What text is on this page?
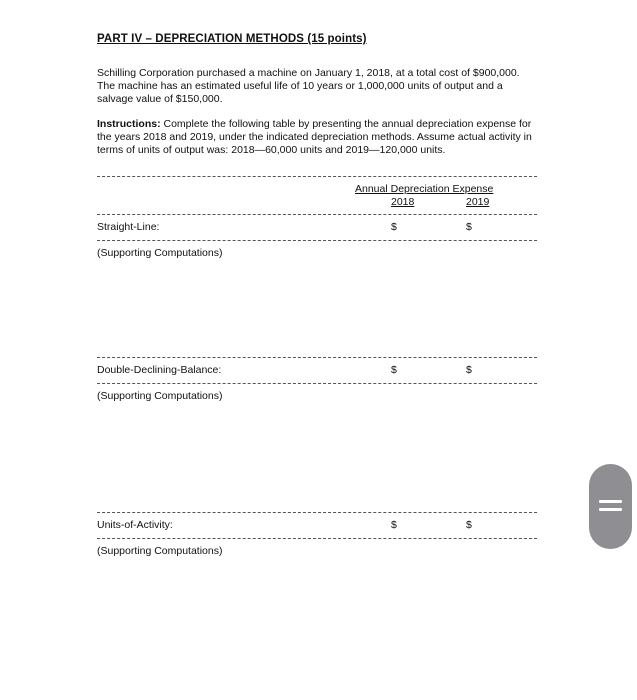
PART IV – DEPRECIATION METHODS (15 points)
Schilling Corporation purchased a machine on January 1, 2018, at a total cost of $900,000. The machine has an estimated useful life of 10 years or 1,000,000 units of output and a salvage value of $150,000.
Instructions: Complete the following table by presenting the annual depreciation expense for the years 2018 and 2019, under the indicated depreciation methods. Assume actual activity in terms of units of output was: 2018—60,000 units and 2019—120,000 units.
Annual Depreciation Expense
2018	2019
Straight-Line:	$	$
(Supporting Computations)
Double-Declining-Balance:	$	$
(Supporting Computations)
Units-of-Activity:	$	$
(Supporting Computations)
